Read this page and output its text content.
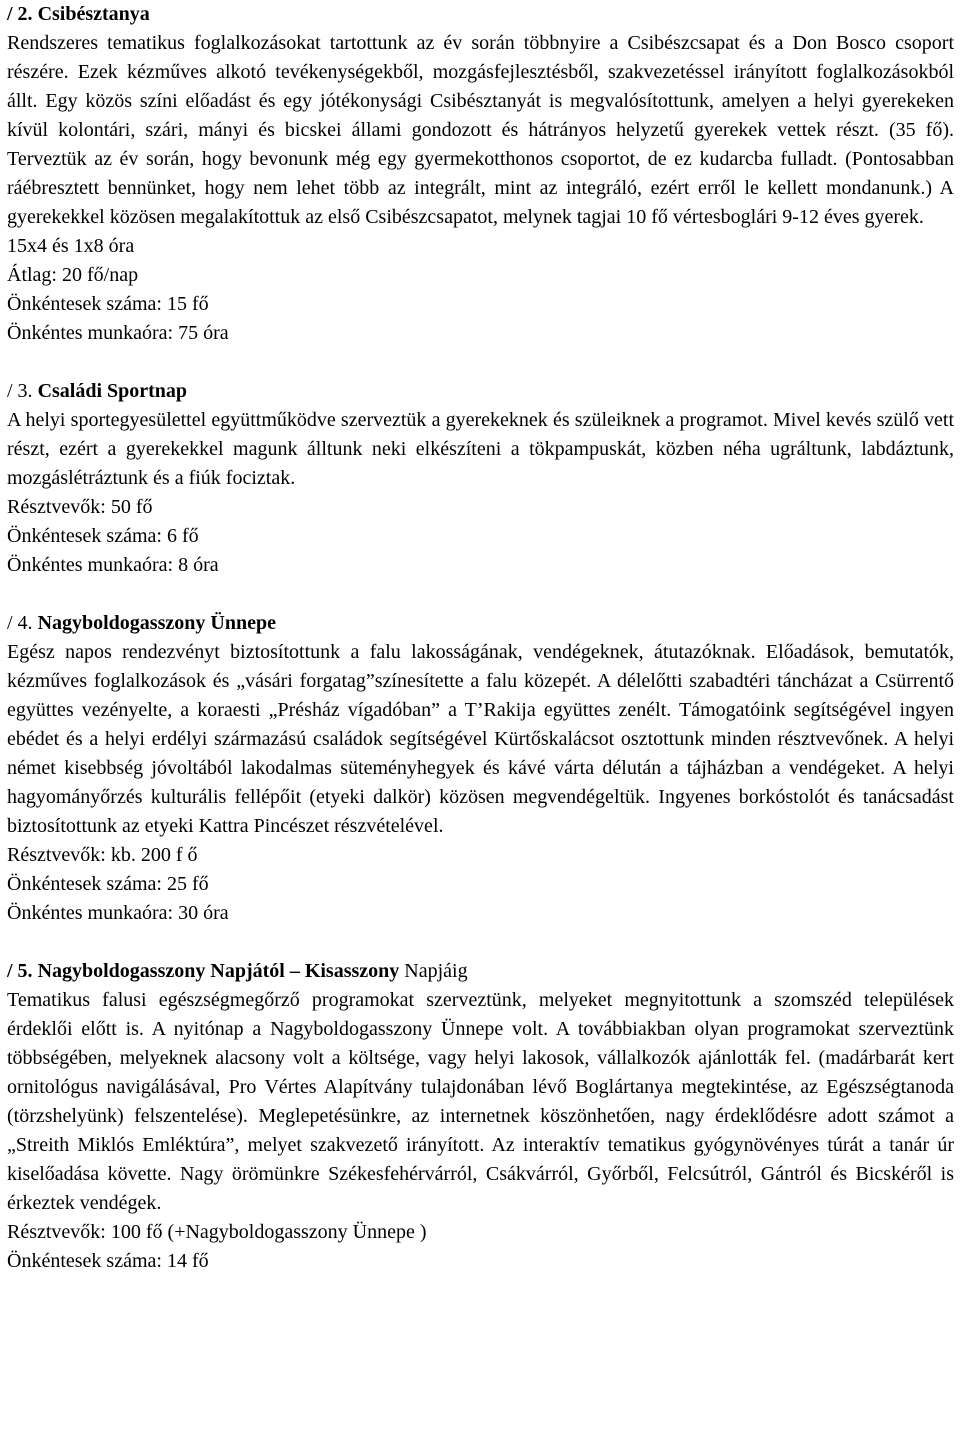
/ 2. Csibésztanya

Rendszeres tematikus foglalkozásokat tartottunk az év során többnyire a Csibészcsapat és a Don Bosco csoport részére. Ezek kézműves alkotó tevékenységekből, mozgásfejlesztésből, szakvezetéssel irányított foglalkozásokból állt. Egy közös színi előadást és egy jótékonysági Csibésztanyát is megvalósítottunk, amelyen a helyi gyerekeken kívül kolontári, szári, mányi és bicskei állami gondozott és hátrányos helyzetű gyerekek vettek részt. (35 fő). Terveztük az év során, hogy bevonunk még egy gyermekotthonos csoportot, de ez kudarcba fulladt. (Pontosabban ráébresztett bennünket, hogy nem lehet több az integrált, mint az integráló, ezért erről le kellett mondanunk.) A gyerekekkel közösen megalakítottuk az első Csibészcsapatot, melynek tagjai 10 fő vértesboglári 9-12 éves gyerek.

15x4 és 1x8 óra

Átlag: 20 fő/nap

Önkéntesek száma: 15 fő

Önkéntes munkaóra: 75 óra

/ 3. Családi Sportnap

A helyi sportegyesülettel együttműködve szerveztük a gyerekeknek és szüleiknek a programot. Mivel kevés szülő vett részt, ezért a gyerekekkel magunk álltunk neki elkészíteni a tökpampuskát, közben néha ugráltunk, labdáztunk, mozgáslétráztunk és a fiúk fociztak.

Résztvevők: 50 fő

Önkéntesek száma: 6 fő

Önkéntes munkaóra: 8 óra

/ 4. Nagyboldogasszony Ünnepe

Egész napos rendezvényt biztosítottunk a falu lakosságának, vendégeknek, átutazóknak. Előadások, bemutatók, kézműves foglalkozások és „vásári forgatag”színesítette a falu közepét. A délelőtti szabadtéri táncházat a Csürrentő együttes vezényelte, a koraesti „Présház vígadóban” a T’Rakija együttes zenélt. Támogatóink segítségével ingyen ebédet és a helyi erdélyi származású családok segítségével Kürtőskalácsot osztottunk minden résztvevőnek. A helyi német kisebbség jóvoltából lakodalmas süteményhegyek és kávé várta délután a tájházban a vendégeket. A helyi hagyományőrzés kulturális fellépőit (etyeki dalkör) közösen megvendégeltük. Ingyenes borkóstolót és tanácsadást biztosítottunk az etyeki Kattra Pincészet részvételével.

Résztvevők: kb. 200 f ő

Önkéntesek száma: 25 fő

Önkéntes munkaóra: 30 óra

/ 5. Nagyboldogasszony Napjától – Kisasszony Napjáig

Tematikus falusi egészségmegőrző programokat szerveztünk, melyeket megnyitottunk a szomszéd települések érdeklői előtt is. A nyitónap a Nagyboldogasszony Ünnepe volt. A továbbiakban olyan programokat szerveztünk többségében, melyeknek alacsony volt a költsége, vagy helyi lakosok, vállalkozók ajánlották fel. (madárbarát kert ornitológus navigálásával, Pro Vértes Alapítvány tulajdonában lévő Boglártanya megtekintése, az Egészségtanoda (törzshelyünk) felszentelése). Meglepetésünkre, az internetnek köszönhetően, nagy érdeklődésre adott számot a „Streith Miklós Emléktúra”, melyet szakvezető irányított. Az interaktív tematikus gyógynövényes túrát a tanár úr kiselőadása követte. Nagy örömünkre Székesfehérvárról, Csákvárról, Győrből, Felcsútról, Gántról és Bicskéről is érkeztek vendégek.

Résztvevők: 100 fő (+Nagyboldogasszony Ünnepe )

Önkéntesek száma: 14 fő
